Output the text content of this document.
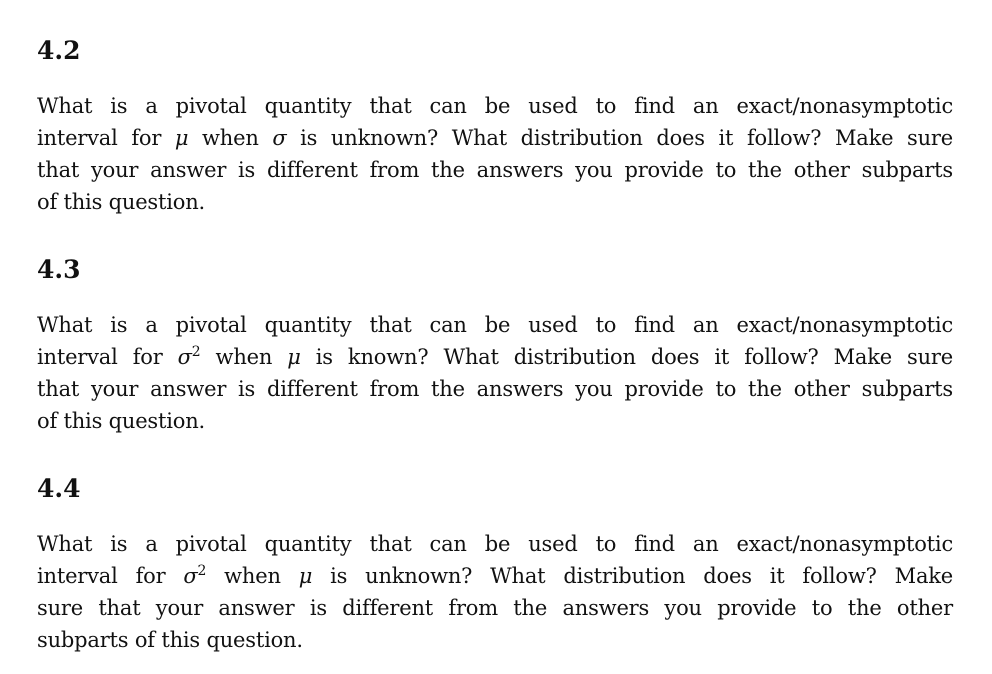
4.2

What is a pivotal quantity that can be used to find an exact/nonasymptotic
interval for μ when σ is unknown? What distribution does it follow? Make sure
that your answer is different from the answers you provide to the other subparts
of this question.

4.3

What is a pivotal quantity that can be used to find an exact/nonasymptotic
interval for $\sigma^2$ when μ is known? What distribution does it follow? Make sure
that your answer is different from the answers you provide to the other subparts
of this question.

4.4

What is a pivotal quantity that can be used to find an exact/nonasymptotic
interval for $\sigma^2$ when μ is unknown? What distribution does it follow? Make
sure that your answer is different from the answers you provide to the other
subparts of this question.
